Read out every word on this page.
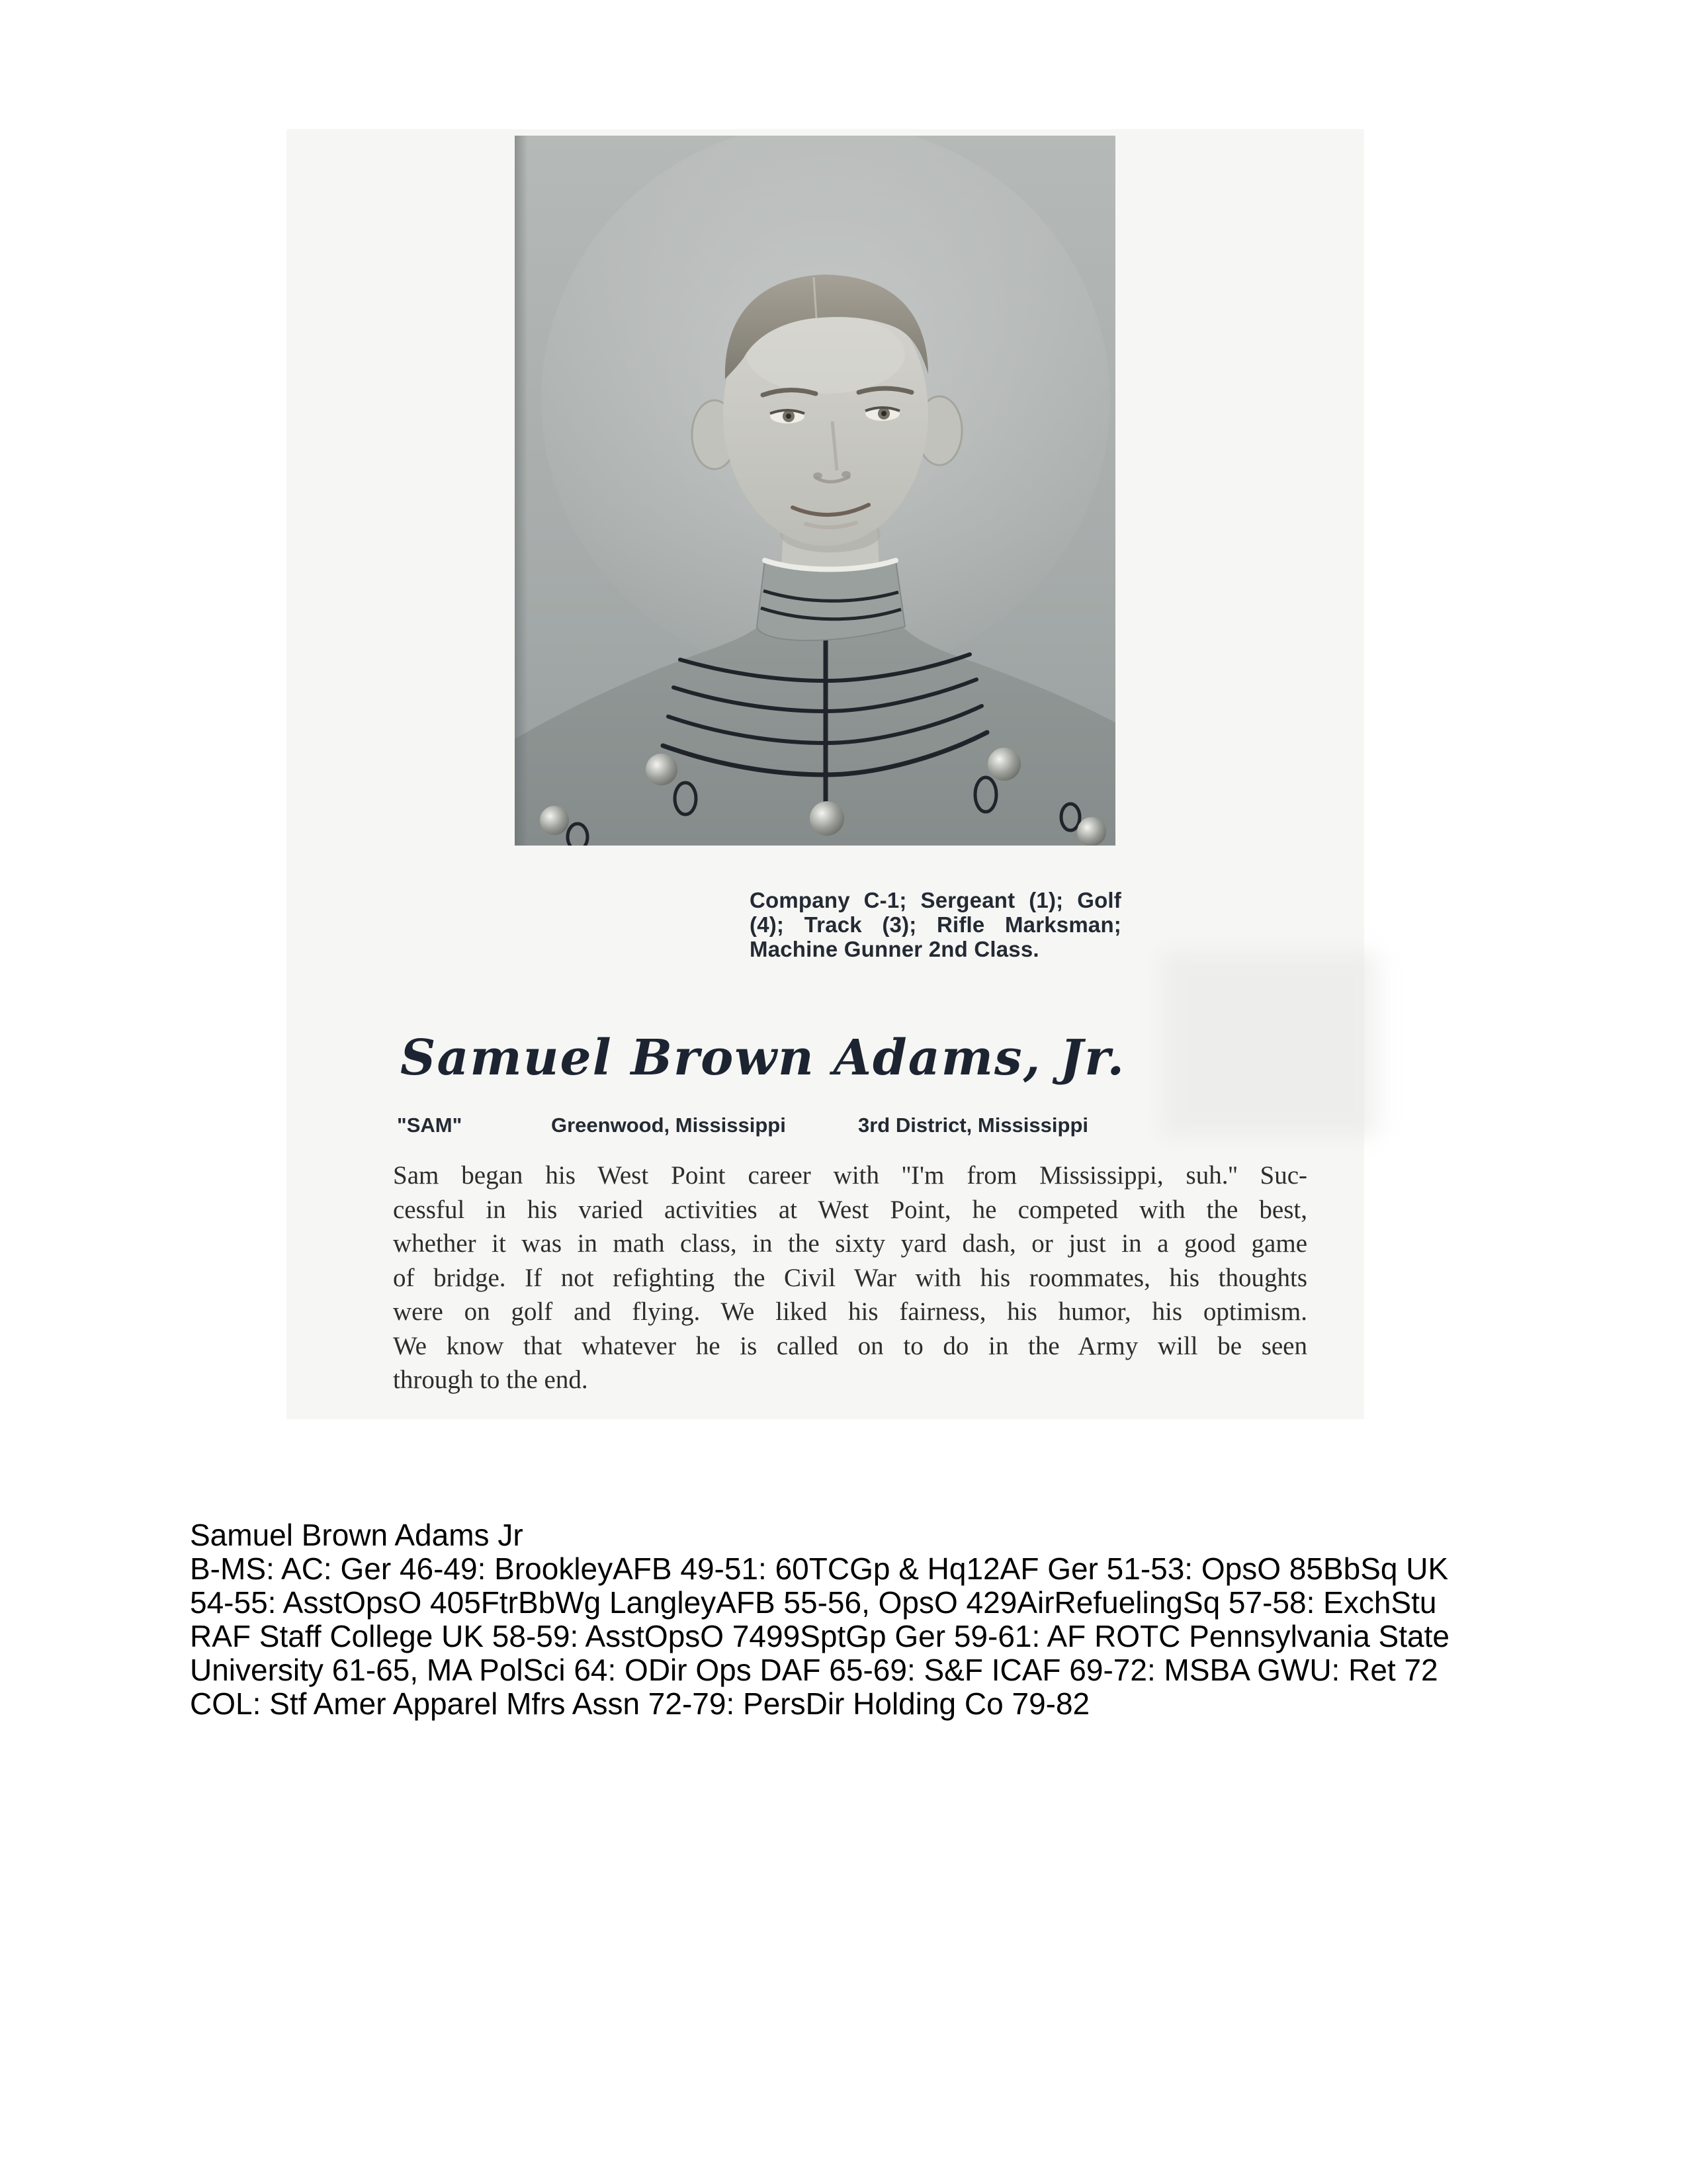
Company C-1; Sergeant (1); Golf
(4); Track (3); Rifle Marksman;
Machine Gunner 2nd Class.
Samuel Brown Adams, Jr.
"SAM"	Greenwood, Mississippi	3rd District, Mississippi
Sam began his West Point career with ''I'm from Mississippi, suh.'' Suc-
cessful in his varied activities at West Point, he competed with the best,
whether it was in math class, in the sixty yard dash, or just in a good game
of bridge. If not refighting the Civil War with his roommates, his thoughts
were on golf and flying. We liked his fairness, his humor, his optimism.
We know that whatever he is called on to do in the Army will be seen
through to the end.
Samuel Brown Adams Jr
B-MS: AC: Ger 46-49: BrookleyAFB 49-51: 60TCGp & Hq12AF Ger 51-53: OpsO 85BbSq UK
54-55: AsstOpsO 405FtrBbWg LangleyAFB 55-56, OpsO 429AirRefuelingSq 57-58: ExchStu
RAF Staff College UK 58-59: AsstOpsO 7499SptGp Ger 59-61: AF ROTC Pennsylvania State
University 61-65, MA PolSci 64: ODir Ops DAF 65-69: S&F ICAF 69-72: MSBA GWU: Ret 72
COL: Stf Amer Apparel Mfrs Assn 72-79: PersDir Holding Co 79-82
